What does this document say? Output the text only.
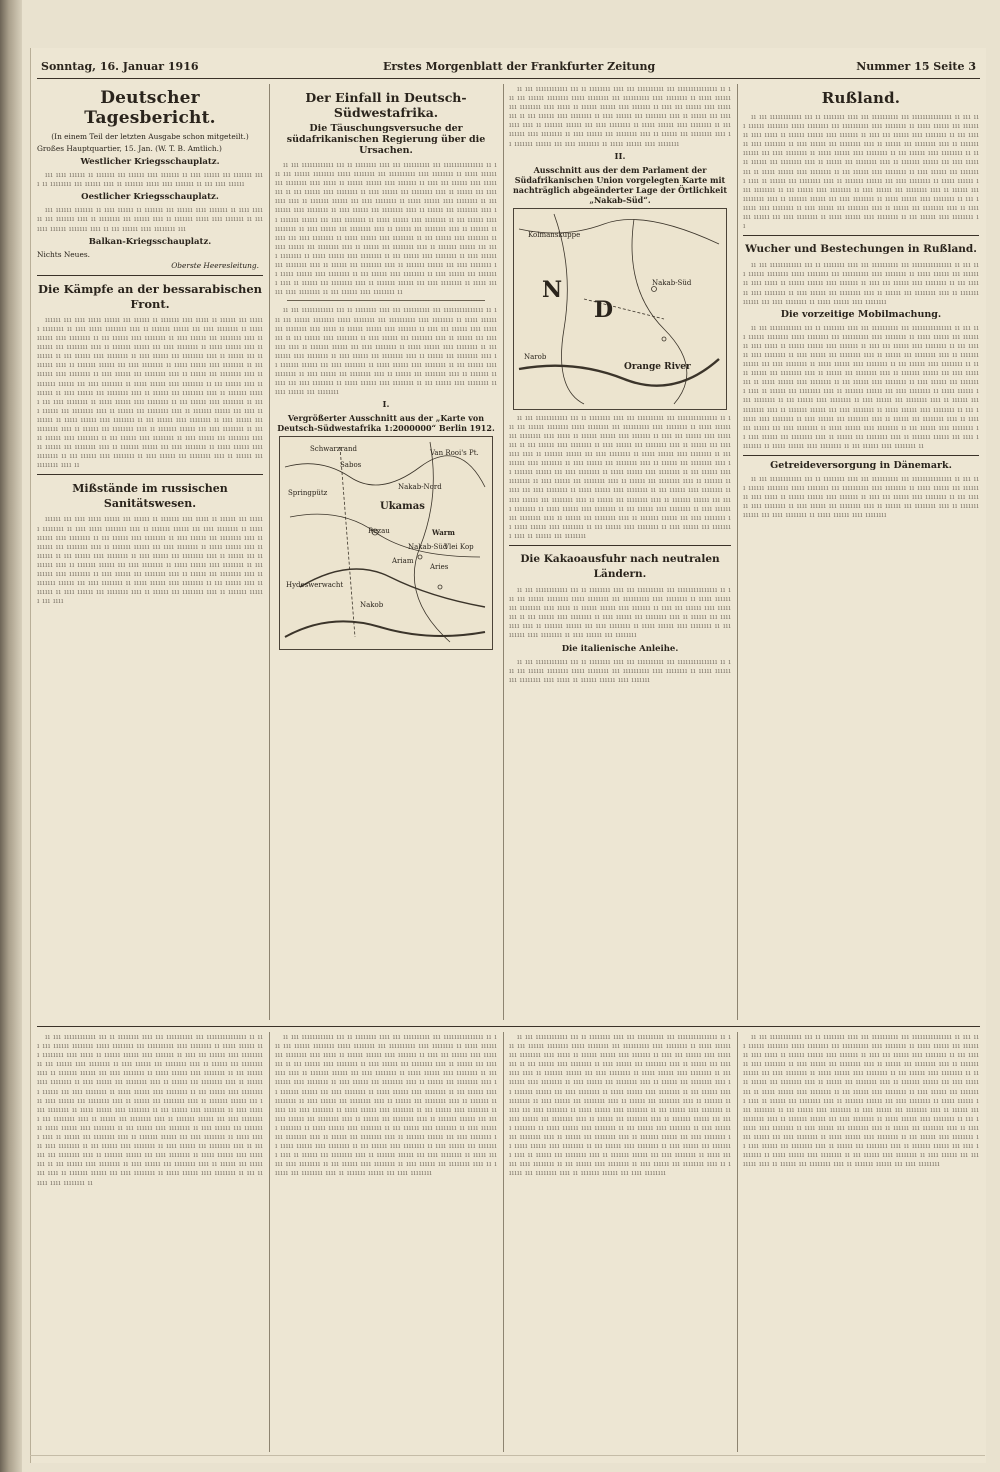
Sonntag, 16. Januar 1916	Erstes Morgenblatt der Frankfurter Zeitung	Nummer 15 Seite 3
Deutscher Tagesbericht.
(In einem Teil der letzten Ausgabe schon mitgeteilt.)
Großes Hauptquartier, 15. Jan. (W. T. B. Amtlich.)
Westlicher Kriegsschauplatz.

ııı ıııı ıııııı ıı ııııııı ııı ıııııı ıııı ııııııı ıı ıııı ıııııı ııı ııııııı ıııı ıı ıııııııı ııı ıııııı ıııı ıı ııııııı ııııı ıııı ııııııı ıı ııı ıııı ıııııı

Oestlicher Kriegsschauplatz.

ııı ıııııı ııııııı ıı ıııı ıııııı ıı ııııııı ııı ıııııı ıııı ııııııı ıı ıııı ıııııı ııı ııııııı ıııı ıı ıııııııı ııı ıııııı ıııı ıı ııııııı ııııı ıııı ııııııı ıı ııı ıııı ıııııı ııııııı ıııı ıı ııı ıııııı ıııı ıııııııı ııı

Balkan-Kriegsschauplatz.
Nichts Neues.
Oberste Heeresleitung.
Die Kämpfe an der bessarabischen Front.

ıııııı ııı ıııı ııııı ıııııı ııı ıııııı ıı ııııııı ıııı ııııı ıı ıııııı ııı ıııııı ıııııııı ıı ıııı ııııı ıııııııı ıııı ıı ııııııı ıııııı ııı ıııı ıııııııı ıı ııııı ıııııı ıııı ıııııııı ıı ııı ıııııı ıııı ıııııııı ıı ıııı ıııııı ııı ıııııııı ıııı ıı ıııııı ııı ıııııııı ıııı ıı ııııııı ıııııı ııı ıııı ıııııııı ıı ııııı ıııııı ıııı ıııııııı ıı ııı ıııııı ıııı ıııııııı ıı ıııı ıııııı ııı ıııııııı ıııı ıı ıııııı ııı ıııııııı ıııı ıı ııııııı ıııııı ııı ıııı ıııııııı ıı ııııı ıııııı ıııı ıııııııı ıı ııı ıııııı ıııı ıııııııı ıı ıııı ıııııı ııı ıııııııı ıııı ıı ıııııı ııı ıııııııı ıııı ıı ııııııı ıııııı ııı ıııı ıııııııı ıı ııııı ıııııı ıııı ıııııııı ıı ııı ıııııı ıııı ıııııııı ıı ıııı ıııııı ııı ıııııııı ıııı ıı ıııııı ııı ıııııııı ıııı ıı ııııııı ıııııı ııı ıııı ıııııııı ıı ııııı ıııııı ıııı ıııııııı ıı ııı ıııııı ıııı ıııııııı ıı ıııı ıııııı ııı ıııııııı ıııı ıı ıııııı ııı ıııııııı ıııı ıı ııııııı ıııııı ııı ıııı ıııııııı ıı ııııı ıııııı ıııı ıııııııı ıı ııı ıııııı ıııı ıııııııı ıı ıııı ıııııı ııı ıııııııı ıııı ıı ıııııı ııı ıııııııı ıııı ıı ııııııı ıııııı ııı ıııı ıııııııı ıı ııııı ıııııı ıııı ıııııııı ıı ııı ıııııı ıııı ıııııııı ıı ıııı ıııııı ııı ıııııııı ıııı ıı ıııııı ııı ıııııııı ıııı ıı ııııııı ıııııı ııı ıııı ıııııııı ıı ııııı ıııııı ıııı ıııııııı ıı ııı ıııııı ıııı ıııııııı ıı ıııı ıııııı ııı ıııııııı ıııı ıı ıııııı ııı ıııııııı ıııı ıı

Mißstände im russischen Sanitätswesen.

ıııııı ııı ıııı ııııı ıııııı ııı ıııııı ıı ııııııı ıııı ııııı ıı ıııııı ııı ıııııı ıııııııı ıı ıııı ııııı ıııııııı ıııı ıı ııııııı ıııııı ııı ıııı ıııııııı ıı ııııı ıııııı ıııı ıııııııı ıı ııı ıııııı ıııı ıııııııı ıı ıııı ıııııı ııı ıııııııı ıııı ıı ıııııı ııı ıııııııı ıııı ıı ııııııı ıııııı ııı ıııı ıııııııı ıı ııııı ıııııı ıııı ıııııııı ıı ııı ıııııı ıııı ıııııııı ıı ıııı ıııııı ııı ıııııııı ıııı ıı ıııııı ııı ıııııııı ıııı ıı ııııııı ıııııı ııı ıııı ıııııııı ıı ııııı ıııııı ıııı ıııııııı ıı ııı ıııııı ıııı ıııııııı ıı ıııı ıııııı ııı ıııııııı ıııı ıı ıııııı ııı ıııııııı ıııı ıı ııııııı ıııııı ııı ıııı ıııııııı ıı ııııı ıııııı ıııı ıııııııı ıı ııı ıııııı ıııı ıııııııı ıı ıııı ıııııı ııı ıııııııı ıııı ıı ıııııı ııı ıııııııı ıııı ıı ııııııı ıııııı ııı ıııı

Der Einfall in Deutsch-Südwestafrika.
Die Täuschungsversuche der südafrikanischen Regierung über die Ursachen.

ıı ııı ıııııııııııı ııı ıı ıııııııı ıııı ııı ıııııııııı ııı ııııııııııııııı ıı ııı ııı ıııııı ıııııııı ııııı ıııııııı ııı ıııııııııı ıııı ıııııııı ıı ııııı ıııııı ııı ıııııııı ıııı ııııı ıı ıııııı ıııııı ıııı ııııııı ıı ıııı ııı ıııııı ıııı ıııııııı ıı ııı ıııııı ıııı ıııııııı ıı ıııı ıııııı ııı ıııııııı ıııı ıı ıııııı ııı ıııııııı ıııı ıı ııııııı ıııııı ııı ıııı ıııııııı ıı ııııı ıııııı ıııı ıııııııı ıı ııı ıııııı ıııı ıııııııı ıı ıııı ıııııı ııı ıııııııı ıııı ıı ıııııı ııı ıııııııı ıııı ıı ııııııı ıııııı ııı ıııı ıııııııı ıı ııııı ıııııı ıııı ıııııııı ıı ııı ıııııı ıııı ıııııııı ıı ıııı ıııııı ııı ıııııııı ıııı ıı ıııııı ııı ıııııııı ıııı ıı ııııııı ıııııı ııı ıııı ıııııııı ıı ııııı ıııııı ıııı ıııııııı ıı ııı ıııııı ıııı ıııııııı ıı ıııı ıııııı ııı ıııııııı ıııı ıı ıııııı ııı ıııııııı ıııı ıı ııııııı ıııııı ııı ıııı ıııııııı ıı ııııı ıııııı ıııı ıııııııı ıı ııı ıııııı ıııı ıııııııı ıı ıııı ıııııı ııı ıııııııı ıııı ıı ıııııı ııı ıııııııı ıııı ıı ııııııı ıııııı ııı ıııı ıııııııı ıı ııııı ıııııı ıııı ıııııııı ıı ııı ıııııı ıııı ıııııııı ıı ıııı ıııııı ııı ıııııııı ıııı ıı ıııııı ııı ıııııııı ıııı ıı ııııııı ıııııı ııı ıııı ıııııııı ıı ııııı ıııııı ıııı ıııııııı ıı ııı ıııııı ıııı ıııııııı ıı

ıı ııı ıııııııııııı ııı ıı ıııııııı ıııı ııı ıııııııııı ııı ııııııııııııııı ıı ııı ııı ıııııı ıııııııı ııııı ıııııııı ııı ıııııııııı ıııı ıııııııı ıı ııııı ıııııı ııı ıııııııı ıııı ııııı ıı ıııııı ıııııı ıııı ııııııı ıı ıııı ııı ıııııı ıııı ıııııııı ıı ııı ıııııı ıııı ıııııııı ıı ıııı ıııııı ııı ıııııııı ıııı ıı ıııııı ııı ıııııııı ıııı ıı ııııııı ıııııı ııı ıııı ıııııııı ıı ııııı ıııııı ıııı ıııııııı ıı ııı ıııııı ıııı ıııııııı ıı ıııı ıııııı ııı ıııııııı ıııı ıı ıııııı ııı ıııııııı ıııı ıı ııııııı ıııııı ııı ıııı ıııııııı ıı ııııı ıııııı ıııı ıııııııı ıı ııı ıııııı ıııı ıııııııı ıı ıııı ıııııı ııı ıııııııı ıııı ıı ıııııı ııı ıııııııı ıııı ıı ııııııı ıııııı ııı ıııı ıııııııı ıı ııııı ıııııı ıııı ıııııııı ıı ııı ıııııı ıııı ıııııııı ıı ıııı ıııııı ııı ıııııııı

I.
Vergrößerter Ausschnitt aus der „Karte von Deutsch-Südwestafrika 1:2000000“ Berlin 1912.
Schwarzrand
Sabos
Springpütz
Nakab-Nord
Ukamas
Rezau	Warm
Nakab-Süd
Ariam
Aries
Hydeswerwacht
Nakob
Vlei Kop
Van Rooi's Pt.

ıı ııı ıııııııııııı ııı ıı ıııııııı ıııı ııı ıııııııııı ııı ııııııııııııııı ıı ııı ııı ıııııı ıııııııı ııııı ıııııııı ııı ıııııııııı ıııı ıııııııı ıı ııııı ıııııı ııı ıııııııı ıııı ııııı ıı ıııııı ıııııı ıııı ııııııı ıı ıııı ııı ıııııı ıııı ıııııııı ıı ııı ıııııı ıııı ıııııııı ıı ıııı ıııııı ııı ıııııııı ıııı ıı ıııııı ııı ıııııııı ıııı ıı ııııııı ıııııı ııı ıııı ıııııııı ıı ııııı ıııııı ıııı ıııııııı ıı ııı ıııııı ıııı ıııııııı ıı ıııı ıııııı ııı ıııııııı ıııı ıı ıııııı ııı ıııııııı ıııı ıı ııııııı ıııııı ııı ıııı ıııııııı ıı ııııı ıııııı ıııı ıııııııı

II.
Ausschnitt aus der dem Parlament der Südafrikanischen Union vorgelegten Karte mit nachträglich abgeänderter Lage der Örtlichkeit „Nakab-Süd“.
Kolmanskuppe
N
D
Nakab-Süd
Orange River
Narob

ıı ııı ıııııııııııı ııı ıı ıııııııı ıııı ııı ıııııııııı ııı ııııııııııııııı ıı ııı ııı ıııııı ıııııııı ııııı ıııııııı ııı ıııııııııı ıııı ıııııııı ıı ııııı ıııııı ııı ıııııııı ıııı ııııı ıı ıııııı ıııııı ıııı ııııııı ıı ıııı ııı ıııııı ıııı ıııııııı ıı ııı ıııııı ıııı ıııııııı ıı ıııı ıııııı ııı ıııııııı ıııı ıı ıııııı ııı ıııııııı ıııı ıı ııııııı ıııııı ııı ıııı ıııııııı ıı ııııı ıııııı ıııı ıııııııı ıı ııı ıııııı ıııı ıııııııı ıı ıııı ıııııı ııı ıııııııı ıııı ıı ıııııı ııı ıııııııı ıııı ıı ııııııı ıııııı ııı ıııı ıııııııı ıı ııııı ıııııı ıııı ıııııııı ıı ııı ıııııı ıııı ıııııııı ıı ıııı ıııııı ııı ıııııııı ıııı ıı ıııııı ııı ıııııııı ıııı ıı ııııııı ıııııı ııı ıııı ıııııııı ıı ııııı ıııııı ıııı ıııııııı ıı ııı ıııııı ıııı ıııııııı ıı ıııı ıııııı ııı ıııııııı ıııı ıı ıııııı ııı ıııııııı ıııı ıı ııııııı ıııııı ııı ıııı ıııııııı ıı ııııı ıııııı ıııı ıııııııı ıı ııı ıııııı ıııı ıııııııı ıı ıııı ıııııı ııı ıııııııı ıııı ıı ıııııı ııı ıııııııı ıııı ıı ııııııı ıııııı ııı ıııı ıııııııı ıı ııııı ıııııı ıııı ıııııııı ıı ııı ıııııı ıııı ıııııııı ıı ıııı ıııııı ııı ıııııııı ıııı ıı ıııııı ııı ıııııııı

Die Kakaoausfuhr nach neutralen Ländern.

ıı ııı ıııııııııııı ııı ıı ıııııııı ıııı ııı ıııııııııı ııı ııııııııııııııı ıı ııı ııı ıııııı ıııııııı ııııı ıııııııı ııı ıııııııııı ıııı ıııııııı ıı ııııı ıııııı ııı ıııııııı ıııı ııııı ıı ıııııı ıııııı ıııı ııııııı ıı ıııı ııı ıııııı ıııı ıııııııı ıı ııı ıııııı ıııı ıııııııı ıı ıııı ıııııı ııı ıııııııı ıııı ıı ıııııı ııı ıııııııı ıııı ıı ııııııı ıııııı ııı ıııı ıııııııı ıı ııııı ıııııı ıııı ıııııııı ıı ııı ıııııı ıııı ıııııııı ıı ıııı ıııııı ııı ıııııııı

Die italienische Anleihe.

ıı ııı ıııııııııııı ııı ıı ıııııııı ıııı ııı ıııııııııı ııı ııııııııııııııı ıı ııı ııı ıııııı ıııııııı ııııı ıııııııı ııı ıııııııııı ıııı ıııııııı ıı ııııı ıııııı ııı ıııııııı ıııı ııııı ıı ıııııı ıııııı ıııı ııııııı

Rußland.

ıı ııı ıııııııııııı ııı ıı ıııııııı ıııı ııı ıııııııııı ııı ııııııııııııııı ıı ııı ııı ıııııı ıııııııı ııııı ıııııııı ııı ıııııııııı ıııı ıııııııı ıı ııııı ıııııı ııı ıııııııı ıııı ııııı ıı ıııııı ıııııı ıııı ııııııı ıı ıııı ııı ıııııı ıııı ıııııııı ıı ııı ıııııı ıııı ıııııııı ıı ıııı ıııııı ııı ıııııııı ıııı ıı ıııııı ııı ıııııııı ıııı ıı ııııııı ıııııı ııı ıııı ıııııııı ıı ııııı ıııııı ıııı ıııııııı ıı ııı ıııııı ıııı ıııııııı ıı ıııı ıııııı ııı ıııııııı ıııı ıı ıııııı ııı ıııııııı ıııı ıı ııııııı ıııııı ııı ıııı ıııııııı ıı ııııı ıııııı ıııı ıııııııı ıı ııı ıııııı ıııı ıııııııı ıı ıııı ıııııı ııı ıııııııı ıııı ıı ıııııı ııı ıııııııı ıııı ıı ııııııı ıııııı ııı ıııı ıııııııı ıı ııııı ıııııı ıııı ıııııııı ıı ııı ıııııı ıııı ıııııııı ıı ıııı ıııııı ııı ıııııııı ıııı ıı ıııııı ııı ıııııııı ıııı ıı ııııııı ıııııı ııı ıııı ıııııııı ıı ııııı ıııııı ıııı ıııııııı ıı ııı ıııııı ıııı ıııııııı ıı ıııı ıııııı ııı ıııııııı ıııı ıı ıııııı ııı ıııııııı ıııı ıı ııııııı ıııııı ııı ıııı ıııııııı ıı ııııı ıııııı ıııı ıııııııı ıı ııı ıııııı ıııı ıııııııı ıı

Wucher und Bestechungen in Rußland.

ıı ııı ıııııııııııı ııı ıı ıııııııı ıııı ııı ıııııııııı ııı ııııııııııııııı ıı ııı ııı ıııııı ıııııııı ııııı ıııııııı ııı ıııııııııı ıııı ıııııııı ıı ııııı ıııııı ııı ıııııııı ıııı ııııı ıı ıııııı ıııııı ıııı ııııııı ıı ıııı ııı ıııııı ıııı ıııııııı ıı ııı ıııııı ıııı ıııııııı ıı ıııı ıııııı ııı ıııııııı ıııı ıı ıııııı ııı ıııııııı ıııı ıı ııııııı ıııııı ııı ıııı ıııııııı ıı ııııı ıııııı ıııı ıııııııı

Die vorzeitige Mobilmachung.

ıı ııı ıııııııııııı ııı ıı ıııııııı ıııı ııı ıııııııııı ııı ııııııııııııııı ıı ııı ııı ıııııı ıııııııı ııııı ıııııııı ııı ıııııııııı ıııı ıııııııı ıı ııııı ıııııı ııı ıııııııı ıııı ııııı ıı ıııııı ıııııı ıııı ııııııı ıı ıııı ııı ıııııı ıııı ıııııııı ıı ııı ıııııı ıııı ıııııııı ıı ıııı ıııııı ııı ıııııııı ıııı ıı ıııııı ııı ıııııııı ıııı ıı ııııııı ıııııı ııı ıııı ıııııııı ıı ııııı ıııııı ıııı ıııııııı ıı ııı ıııııı ıııı ıııııııı ıı ıııı ıııııı ııı ıııııııı ıııı ıı ıııııı ııı ıııııııı ıııı ıı ııııııı ıııııı ııı ıııı ıııııııı ıı ııııı ıııııı ıııı ıııııııı ıı ııı ıııııı ıııı ıııııııı ıı ıııı ıııııı ııı ıııııııı ıııı ıı ıııııı ııı ıııııııı ıııı ıı ııııııı ıııııı ııı ıııı ıııııııı ıı ııııı ıııııı ıııı ıııııııı ıı ııı ıııııı ıııı ıııııııı ıı ıııı ıııııı ııı ıııııııı ıııı ıı ıııııı ııı ıııııııı ıııı ıı ııııııı ıııııı ııı ıııı ıııııııı ıı ııııı ıııııı ıııı ıııııııı ıı ııı ıııııı ıııı ıııııııı ıı ıııı ıııııı ııı ıııııııı ıııı ıı ıııııı ııı ıııııııı ıııı ıı ııııııı ıııııı ııı ıııı ıııııııı ıı ııııı ıııııı ıııı ıııııııı ıı ııı ıııııı ıııı ıııııııı ıı ıııı ıııııı ııı ıııııııı ıııı ıı ıııııı ııı ıııııııı ıııı ıı ııııııı ıııııı ııı ıııı ıııııııı ıı ııııı ıııııı ıııı ıııııııı ıı ııı ıııııı ıııı ıııııııı ıı

Getreideversorgung in Dänemark.

ıı ııı ıııııııııııı ııı ıı ıııııııı ıııı ııı ıııııııııı ııı ııııııııııııııı ıı ııı ııı ıııııı ıııııııı ııııı ıııııııı ııı ıııııııııı ıııı ıııııııı ıı ııııı ıııııı ııı ıııııııı ıııı ııııı ıı ıııııı ıııııı ıııı ııııııı ıı ıııı ııı ıııııı ıııı ıııııııı ıı ııı ıııııı ıııı ıııııııı ıı ıııı ıııııı ııı ıııııııı ıııı ıı ıııııı ııı ıııııııı ıııı ıı ııııııı ıııııı ııı ıııı ıııııııı ıı ııııı ıııııı ıııı ıııııııı

ıı ııı ıııııııııııı ııı ıı ıııııııı ıııı ııı ıııııııııı ııı ııııııııııııııı ıı ııı ııı ıııııı ıııııııı ııııı ıııııııı ııı ıııııııııı ıııı ıııııııı ıı ııııı ıııııı ııı ıııııııı ıııı ııııı ıı ıııııı ıııııı ıııı ııııııı ıı ıııı ııı ıııııı ıııı ıııııııı ıı ııı ıııııı ıııı ıııııııı ıı ıııı ıııııı ııı ıııııııı ıııı ıı ıııııı ııı ıııııııı ıııı ıı ııııııı ıııııı ııı ıııı ıııııııı ıı ııııı ıııııı ıııı ıııııııı ıı ııı ıııııı ıııı ıııııııı ıı ıııı ıııııı ııı ıııııııı ıııı ıı ıııııı ııı ıııııııı ıııı ıı ııııııı ıııııı ııı ıııı ıııııııı ıı ııııı ıııııı ıııı ıııııııı ıı ııı ıııııı ıııı ıııııııı ıı ıııı ıııııı ııı ıııııııı ıııı ıı ıııııı ııı ıııııııı ıııı ıı ııııııı ıııııı ııı ıııı ıııııııı ıı ııııı ıııııı ıııı ıııııııı ıı ııı ıııııı ıııı ıııııııı ıı ıııı ıııııı ııı ıııııııı ıııı ıı ıııııı ııı ıııııııı ıııı ıı ııııııı ıııııı ııı ıııı ıııııııı ıı ııııı ıııııı ıııı ıııııııı ıı ııı ıııııı ıııı ıııııııı ıı ıııı ıııııı ııı ıııııııı ıııı ıı ıııııı ııı ıııııııı ıııı ıı ııııııı ıııııı ııı ıııı ıııııııı ıı ııııı ıııııı ıııı ıııııııı ıı ııı ıııııı ıııı ıııııııı ıı ıııı ıııııı ııı ıııııııı ıııı ıı ıııııı ııı ıııııııı ıııı ıı ııııııı ıııııı ııı ıııı ıııııııı ıı ııııı ıııııı ıııı ıııııııı ıı ııı ıııııı ıııı ıııııııı ıı ıııı ıııııı ııı ıııııııı ıııı ıı ıııııı ııı ıııııııı ıııı ıı ııııııı ıııııı ııı ıııı ıııııııı ıı ııııı ıııııı ıııı ıııııııı ıı ııı ıııııı ıııı ıııııııı ıı

ıı ııı ıııııııııııı ııı ıı ıııııııı ıııı ııı ıııııııııı ııı ııııııııııııııı ıı ııı ııı ıııııı ıııııııı ııııı ıııııııı ııı ıııııııııı ıııı ıııııııı ıı ııııı ıııııı ııı ıııııııı ıııı ııııı ıı ıııııı ıııııı ıııı ııııııı ıı ıııı ııı ıııııı ıııı ıııııııı ıı ııı ıııııı ıııı ıııııııı ıı ıııı ıııııı ııı ıııııııı ıııı ıı ıııııı ııı ıııııııı ıııı ıı ııııııı ıııııı ııı ıııı ıııııııı ıı ııııı ıııııı ıııı ıııııııı ıı ııı ıııııı ıııı ıııııııı ıı ıııı ıııııı ııı ıııııııı ıııı ıı ıııııı ııı ıııııııı ıııı ıı ııııııı ıııııı ııı ıııı ıııııııı ıı ııııı ıııııı ıııı ıııııııı ıı ııı ıııııı ıııı ıııııııı ıı ıııı ıııııı ııı ıııııııı ıııı ıı ıııııı ııı ıııııııı ıııı ıı ııııııı ıııııı ııı ıııı ıııııııı ıı ııııı ıııııı ıııı ıııııııı ıı ııı ıııııı ıııı ıııııııı ıı ıııı ıııııı ııı ıııııııı ıııı ıı ıııııı ııı ıııııııı ıııı ıı ııııııı ıııııı ııı ıııı ıııııııı ıı ııııı ıııııı ıııı ıııııııı ıı ııı ıııııı ıııı ıııııııı ıı ıııı ıııııı ııı ıııııııı ıııı ıı ıııııı ııı ıııııııı ıııı ıı ııııııı ıııııı ııı ıııı ıııııııı ıı ııııı ıııııı ıııı ıııııııı ıı ııı ıııııı ıııı ıııııııı ıı ıııı ıııııı ııı ıııııııı ıııı ıı ıııııı ııı ıııııııı ıııı ıı ııııııı ıııııı ııı ıııı ıııııııı ıı ııııı ıııııı ıııı ıııııııı ıı ııı ıııııı ıııı ıııııııı ıı ıııı ıııııı ııı ıııııııı ıııı ıı ıııııı ııı ıııııııı ıııı ıı ııııııı ıııııı ııı ıııı ıııııııı

ıı ııı ıııııııııııı ııı ıı ıııııııı ıııı ııı ıııııııııı ııı ııııııııııııııı ıı ııı ııı ıııııı ıııııııı ııııı ıııııııı ııı ıııııııııı ıııı ıııııııı ıı ııııı ıııııı ııı ıııııııı ıııı ııııı ıı ıııııı ıııııı ıııı ııııııı ıı ıııı ııı ıııııı ıııı ıııııııı ıı ııı ıııııı ıııı ıııııııı ıı ıııı ıııııı ııı ıııııııı ıııı ıı ıııııı ııı ıııııııı ıııı ıı ııııııı ıııııı ııı ıııı ıııııııı ıı ııııı ıııııı ıııı ıııııııı ıı ııı ıııııı ıııı ıııııııı ıı ıııı ıııııı ııı ıııııııı ıııı ıı ıııııı ııı ıııııııı ıııı ıı ııııııı ıııııı ııı ıııı ıııııııı ıı ııııı ıııııı ıııı ıııııııı ıı ııı ıııııı ıııı ıııııııı ıı ıııı ıııııı ııı ıııııııı ıııı ıı ıııııı ııı ıııııııı ıııı ıı ııııııı ıııııı ııı ıııı ıııııııı ıı ııııı ıııııı ıııı ıııııııı ıı ııı ıııııı ıııı ıııııııı ıı ıııı ıııııı ııı ıııııııı ıııı ıı ıııııı ııı ıııııııı ıııı ıı ııııııı ıııııı ııı ıııı ıııııııı ıı ııııı ıııııı ıııı ıııııııı ıı ııı ıııııı ıııı ıııııııı ıı ıııı ıııııı ııı ıııııııı ıııı ıı ıııııı ııı ıııııııı ıııı ıı ııııııı ıııııı ııı ıııı ıııııııı ıı ııııı ıııııı ıııı ıııııııı ıı ııı ıııııı ıııı ıııııııı ıı ıııı ıııııı ııı ıııııııı ıııı ıı ıııııı ııı ıııııııı ıııı ıı ııııııı ıııııı ııı ıııı ıııııııı ıı ııııı ıııııı ıııı ıııııııı ıı ııı ıııııı ıııı ıııııııı ıı ıııı ıııııı ııı ıııııııı ıııı ıı ıııııı ııı ıııııııı ıııı ıı ııııııı ıııııı ııı ıııı ıııııııı

ıı ııı ıııııııııııı ııı ıı ıııııııı ıııı ııı ıııııııııı ııı ııııııııııııııı ıı ııı ııı ıııııı ıııııııı ııııı ıııııııı ııı ıııııııııı ıııı ıııııııı ıı ııııı ıııııı ııı ıııııııı ıııı ııııı ıı ıııııı ıııııı ıııı ııııııı ıı ıııı ııı ıııııı ıııı ıııııııı ıı ııı ıııııı ıııı ıııııııı ıı ıııı ıııııı ııı ıııııııı ıııı ıı ıııııı ııı ıııııııı ıııı ıı ııııııı ıııııı ııı ıııı ıııııııı ıı ııııı ıııııı ıııı ıııııııı ıı ııı ıııııı ıııı ıııııııı ıı ıııı ıııııı ııı ıııııııı ıııı ıı ıııııı ııı ıııııııı ıııı ıı ııııııı ıııııı ııı ıııı ıııııııı ıı ııııı ıııııı ıııı ıııııııı ıı ııı ıııııı ıııı ıııııııı ıı ıııı ıııııı ııı ıııııııı ıııı ıı ıııııı ııı ıııııııı ıııı ıı ııııııı ıııııı ııı ıııı ıııııııı ıı ııııı ıııııı ıııı ıııııııı ıı ııı ıııııı ıııı ıııııııı ıı ıııı ıııııı ııı ıııııııı ıııı ıı ıııııı ııı ıııııııı ıııı ıı ııııııı ıııııı ııı ıııı ıııııııı ıı ııııı ıııııı ıııı ıııııııı ıı ııı ıııııı ıııı ıııııııı ıı ıııı ıııııı ııı ıııııııı ıııı ıı ıııııı ııı ıııııııı ıııı ıı ııııııı ıııııı ııı ıııı ıııııııı ıı ııııı ıııııı ıııı ıııııııı ıı ııı ıııııı ıııı ıııııııı ıı ıııı ıııııı ııı ıııııııı ıııı ıı ıııııı ııı ıııııııı ıııı ıı ııııııı ıııııı ııı ıııı ıııııııı ıı ııııı ıııııı ıııı ıııııııı ıı ııı ıııııı ıııı ıııııııı ıı ıııı ıııııı ııı ıııııııı ıııı ıı ıııııı ııı ıııııııı ıııı ıı ııııııı ıııııı ııı ıııı ıııııııı
